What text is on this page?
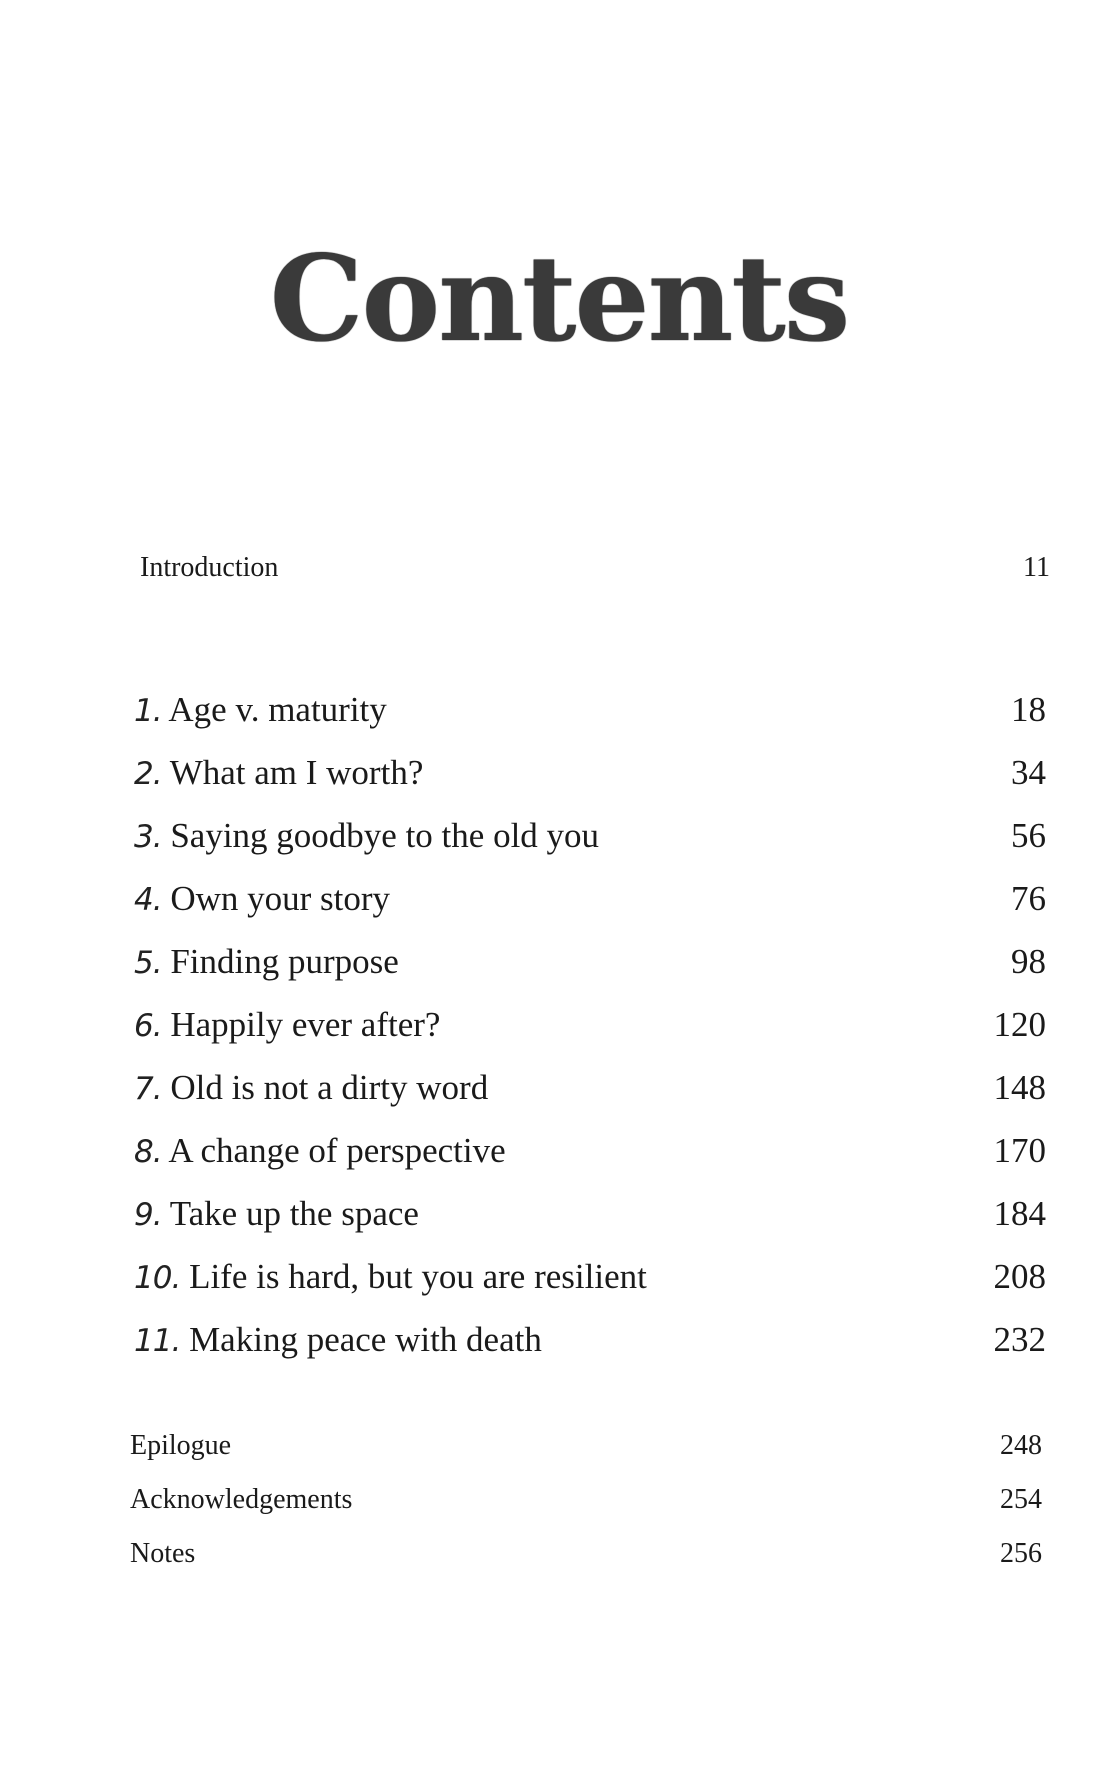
Contents
Introduction	11
1. Age v. maturity	18
2. What am I worth?	34
3. Saying goodbye to the old you	56
4. Own your story	76
5. Finding purpose	98
6. Happily ever after?	120
7. Old is not a dirty word	148
8. A change of perspective	170
9. Take up the space	184
10. Life is hard, but you are resilient	208
11. Making peace with death	232
Epilogue	248
Acknowledgements	254
Notes	256
